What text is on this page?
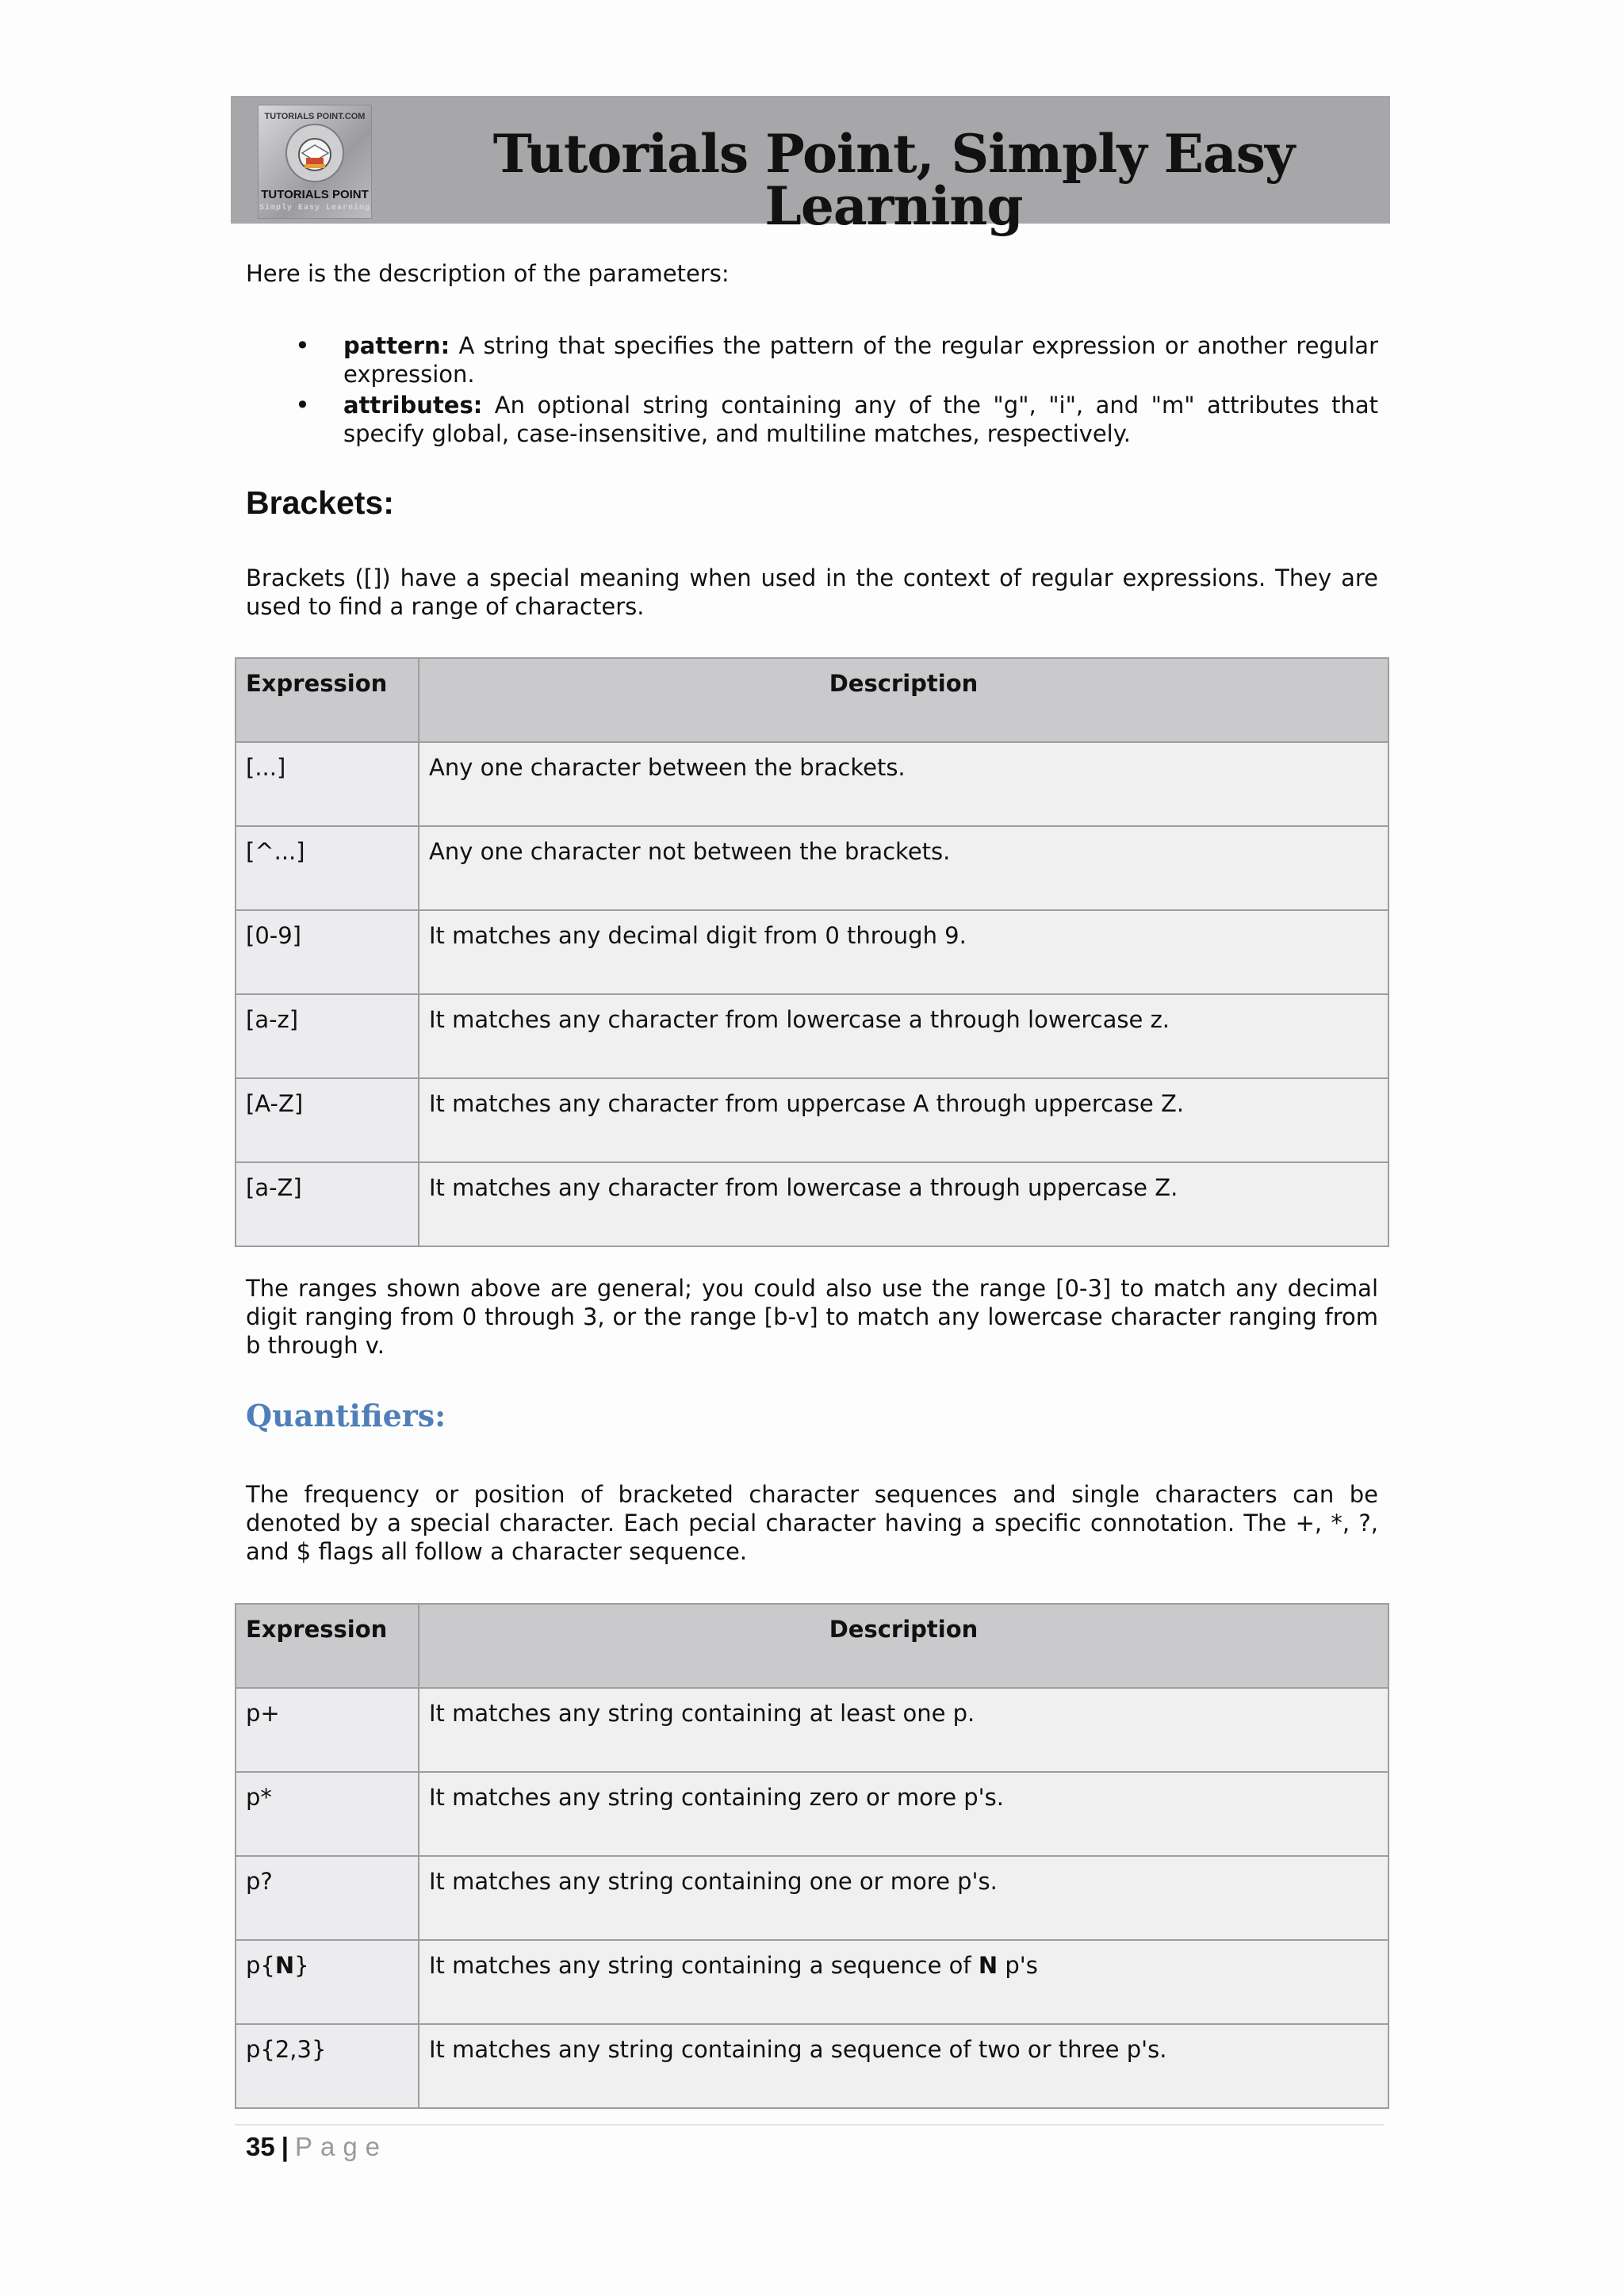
TUTORIALS POINT.COM
TUTORIALS POINT
Simply Easy Learning
Tutorials Point, Simply Easy Learning
Here is the description of the parameters:
• pattern: A string that specifies the pattern of the regular expression or another regular expression.
• attributes: An optional string containing any of the "g", "i", and "m" attributes that specify global, case-insensitive, and multiline matches, respectively.
Brackets:
Brackets ([]) have a special meaning when used in the context of regular expressions. They are used to find a range of characters.
Expression	Description
[...]	Any one character between the brackets.
[^...]	Any one character not between the brackets.
[0-9]	It matches any decimal digit from 0 through 9.
[a-z]	It matches any character from lowercase a through lowercase z.
[A-Z]	It matches any character from uppercase A through uppercase Z.
[a-Z]	It matches any character from lowercase a through uppercase Z.
The ranges shown above are general; you could also use the range [0-3] to match any decimal digit ranging from 0 through 3, or the range [b-v] to match any lowercase character ranging from b through v.
Quantifiers:
The frequency or position of bracketed character sequences and single characters can be denoted by a special character. Each pecial character having a specific connotation. The +, *, ?, and $ flags all follow a character sequence.
Expression	Description
p+	It matches any string containing at least one p.
p*	It matches any string containing zero or more p's.
p?	It matches any string containing one or more p's.
p{N}	It matches any string containing a sequence of N p's
p{2,3}	It matches any string containing a sequence of two or three p's.
35 | Page
